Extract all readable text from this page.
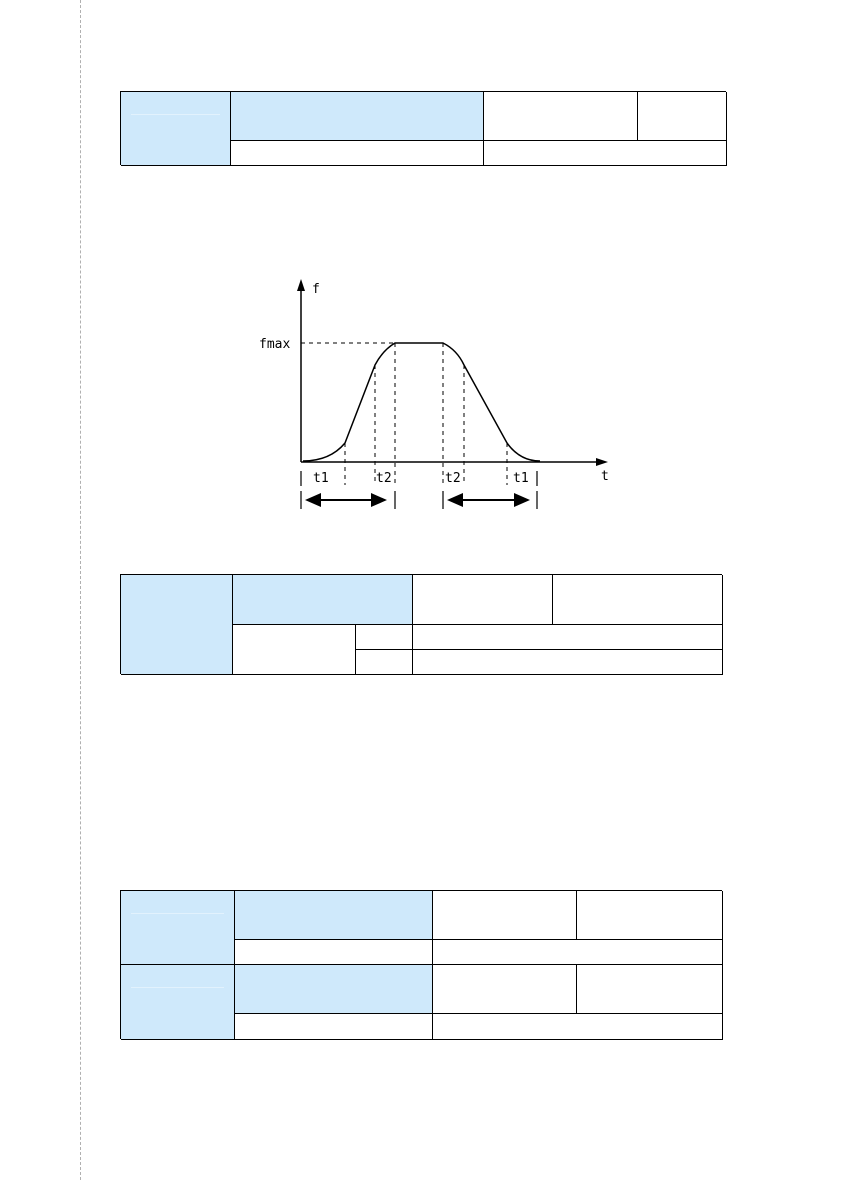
f
t
fmax
t1	t2	t2	t1
